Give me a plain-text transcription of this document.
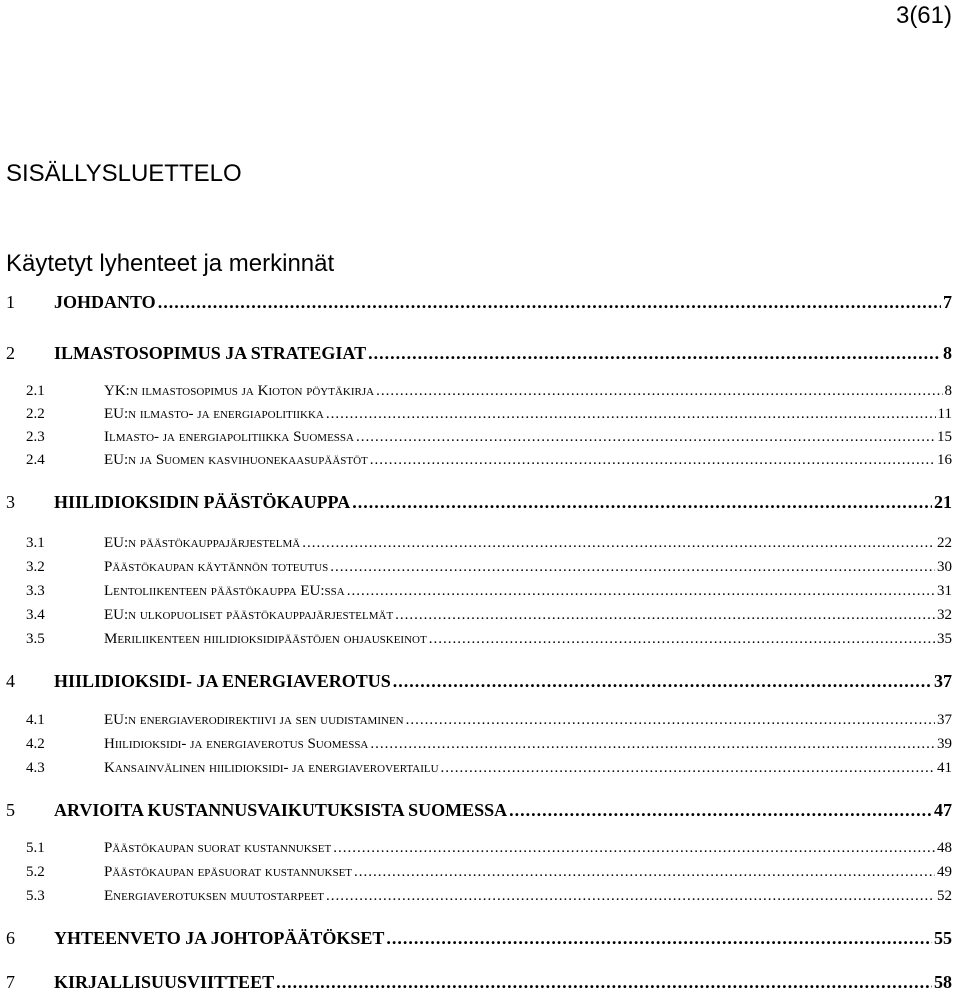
3(61)
SISÄLLYSLUETTELO
Käytetyt lyhenteet ja merkinnät
1	JOHDANTO .....	7
2	ILMASTOSOPIMUS JA STRATEGIAT .....	8
2.1	YK:n ilmastosopimus ja Kioton pöytäkirja .....	8
2.2	EU:n ilmasto- ja energiapolitiikka .....	11
2.3	Ilmasto- ja energiapolitiikka Suomessa .....	15
2.4	EU:n ja Suomen kasvihuonekaasupäästöt .....	16
3	HIILIDIOKSIDIN PÄÄSTÖKAUPPA .....	21
3.1	EU:n päästökauppajärjestelmä .....	22
3.2	Päästökaupan käytännön toteutus .....	30
3.3	Lentoliikenteen päästökauppa EU:ssa .....	31
3.4	EU:n ulkopuoliset päästökauppajärjestelmät .....	32
3.5	Meriliikenteen hiilidioksidipäästöjen ohjauskeinot .....	35
4	HIILIDIOKSIDI- JA ENERGIAVEROTUS .....	37
4.1	EU:n energiaverodirektiivi ja sen uudistaminen .....	37
4.2	Hiilidioksidi- ja energiaverotus Suomessa .....	39
4.3	Kansainvälinen hiilidioksidi- ja energiaverovertailu .....	41
5	ARVIOITA KUSTANNUSVAIKUTUKSISTA SUOMESSA .....	47
5.1	Päästökaupan suorat kustannukset .....	48
5.2	Päästökaupan epäsuorat kustannukset .....	49
5.3	Energiaverotuksen muutostarpeet .....	52
6	YHTEENVETO JA JOHTOPÄÄTÖKSET .....	55
7	KIRJALLISUUSVIITTEET .....	58
